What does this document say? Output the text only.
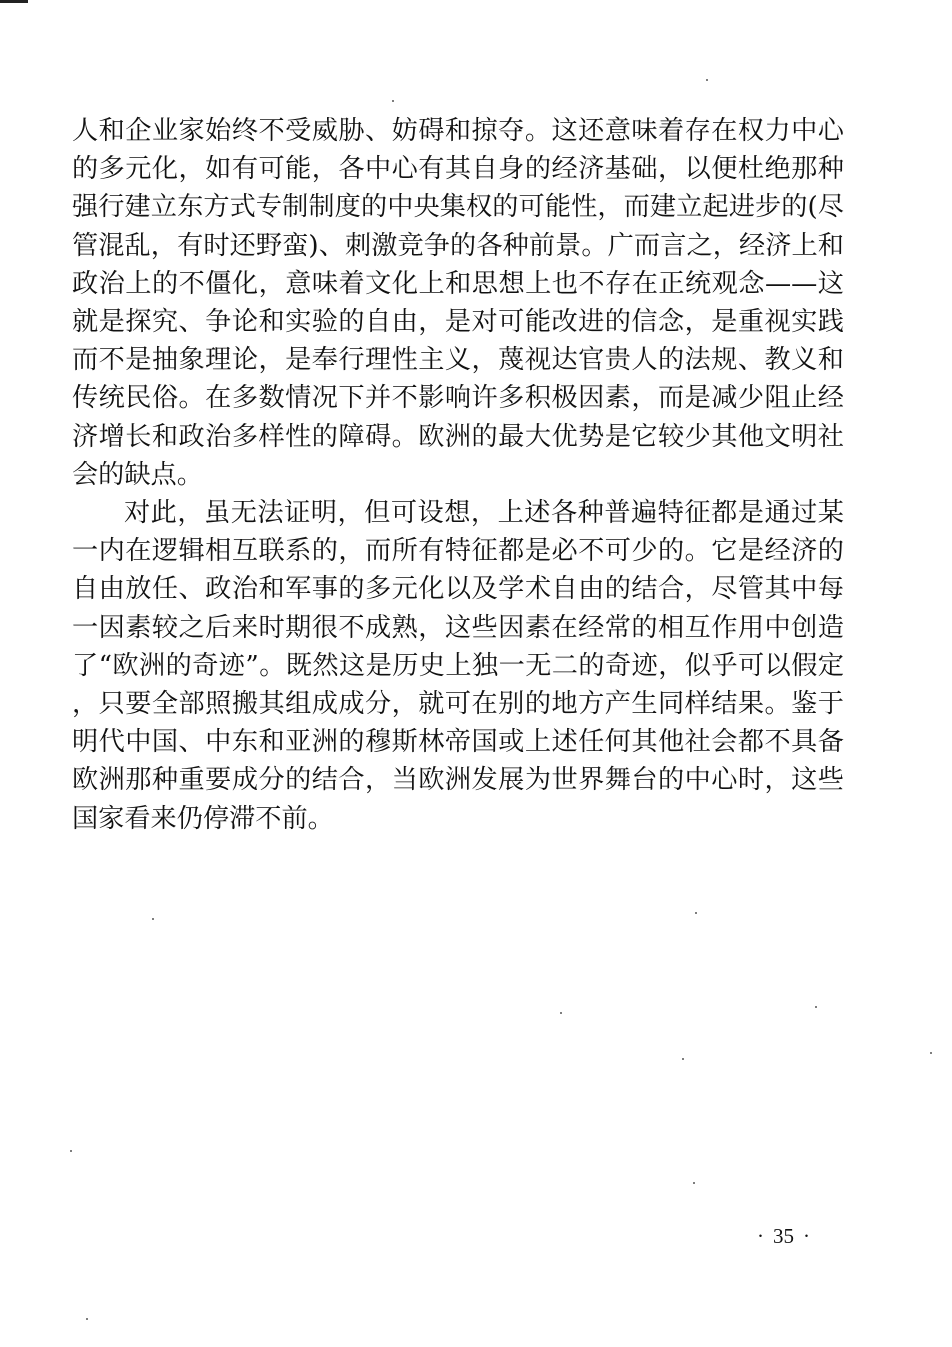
人和企业家始终不受威胁、妨碍和掠夺。这还意味着存在权力中心的多元化，如有可能，各中心有其自身的经济基础，以便杜绝那种强行建立东方式专制制度的中央集权的可能性，而建立起进步的(尽管混乱，有时还野蛮)、刺激竞争的各种前景。广而言之，经济上和政治上的不僵化，意味着文化上和思想上也不存在正统观念——这就是探究、争论和实验的自由，是对可能改进的信念，是重视实践而不是抽象理论，是奉行理性主义，蔑视达官贵人的法规、教义和传统民俗。在多数情况下并不影响许多积极因素，而是减少阻止经济增长和政治多样性的障碍。欧洲的最大优势是它较少其他文明社会的缺点。

对此，虽无法证明，但可设想，上述各种普遍特征都是通过某一内在逻辑相互联系的，而所有特征都是必不可少的。它是经济的自由放任、政治和军事的多元化以及学术自由的结合，尽管其中每一因素较之后来时期很不成熟，这些因素在经常的相互作用中创造了“欧洲的奇迹”。既然这是历史上独一无二的奇迹，似乎可以假定，只要全部照搬其组成成分，就可在别的地方产生同样结果。鉴于明代中国、中东和亚洲的穆斯林帝国或上述任何其他社会都不具备欧洲那种重要成分的结合，当欧洲发展为世界舞台的中心时，这些国家看来仍停滞不前。

· 35 ·
